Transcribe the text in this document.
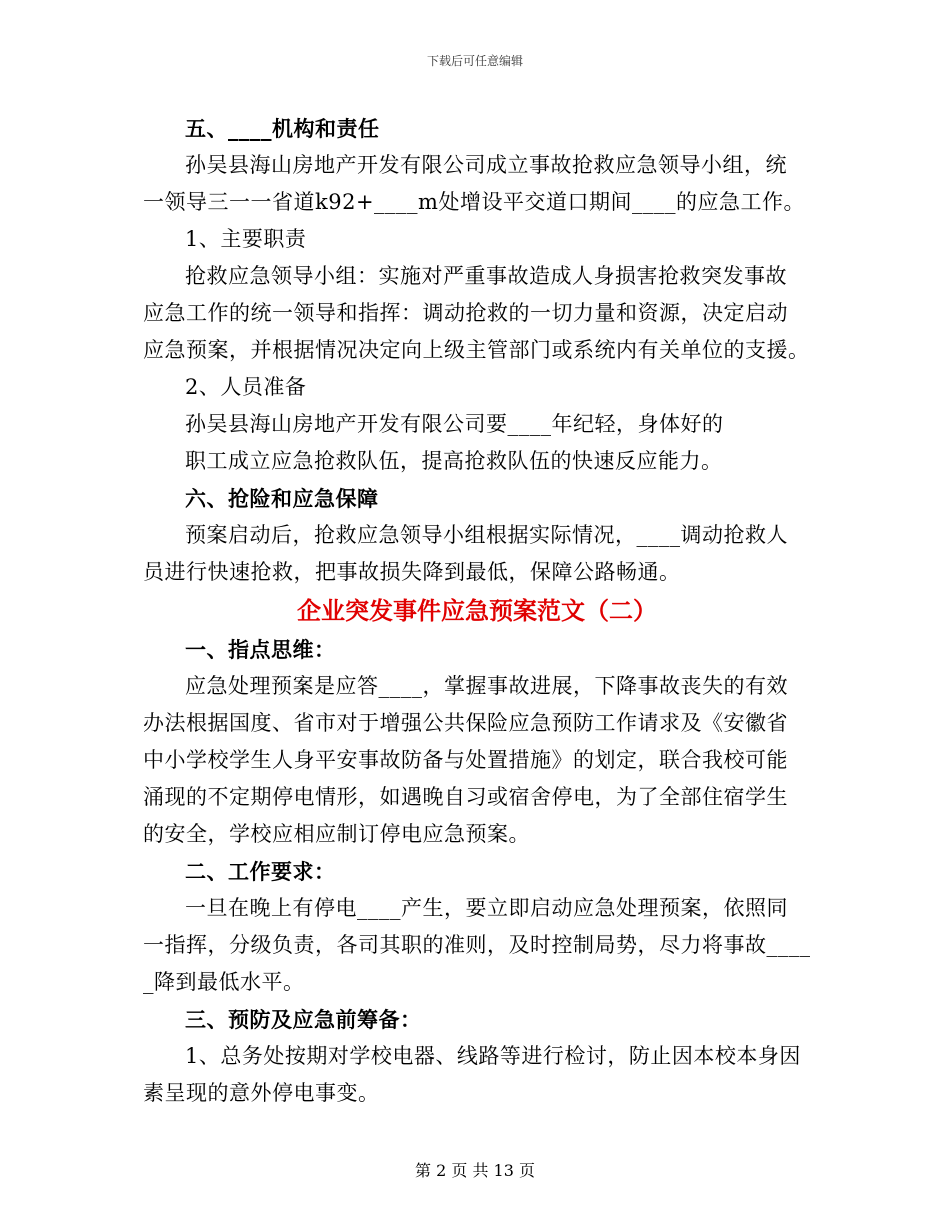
下载后可任意编辑
五、____机构和责任
孙吴县海山房地产开发有限公司成立事故抢救应急领导小组，统
一领导三一一省道k92+____m处增设平交道口期间____的应急工作。
1、主要职责
抢救应急领导小组：实施对严重事故造成人身损害抢救突发事故
应急工作的统一领导和指挥：调动抢救的一切力量和资源，决定启动
应急预案，并根据情况决定向上级主管部门或系统内有关单位的支援。
2、人员准备
孙吴县海山房地产开发有限公司要____年纪轻，身体好的
职工成立应急抢救队伍，提高抢救队伍的快速反应能力。
六、抢险和应急保障
预案启动后，抢救应急领导小组根据实际情况，____调动抢救人
员进行快速抢救，把事故损失降到最低，保障公路畅通。
企业突发事件应急预案范文（二）
一、指点思维：
应急处理预案是应答____，掌握事故进展，下降事故丧失的有效
办法根据国度、省市对于增强公共保险应急预防工作请求及《安徽省
中小学校学生人身平安事故防备与处置措施》的划定，联合我校可能
涌现的不定期停电情形，如遇晚自习或宿舍停电，为了全部住宿学生
的安全，学校应相应制订停电应急预案。
二、工作要求：
一旦在晚上有停电____产生，要立即启动应急处理预案，依照同
一指挥，分级负责，各司其职的准则，及时控制局势，尽力将事故____
_降到最低水平。
三、预防及应急前筹备：
1、总务处按期对学校电器、线路等进行检讨，防止因本校本身因
素呈现的意外停电事变。
第 2 页 共 13 页
